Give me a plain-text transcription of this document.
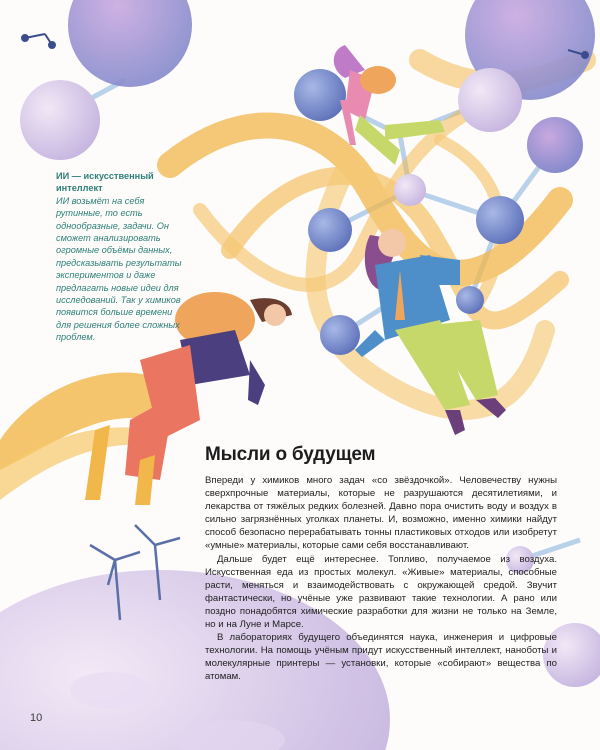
ИИ — искусственный интеллект

ИИ возьмёт на себя рутинные, то есть однообразные, задачи. Он сможет анализировать огромные объёмы данных, предсказывать результаты экспериментов и даже предлагать новые идеи для исследований. Так у химиков появится больше времени для решения более сложных проблем.

Мысли о будущем

Впереди у химиков много задач «со звёздочкой». Человечеству нужны сверхпрочные материалы, которые не разрушаются десятилетиями, и лекарства от тяжёлых редких болезней. Давно пора очистить воду и воздух в сильно загрязнённых уголках планеты. И, возможно, именно химики найдут способ безопасно перерабатывать тонны пластиковых отходов или изобретут «умные» материалы, которые сами себя восстанавливают.

Дальше будет ещё интереснее. Топливо, получаемое из воздуха. Искусственная еда из простых молекул. «Живые» материалы, способные расти, меняться и взаимодействовать с окружающей средой. Звучит фантастически, но учёные уже развивают такие технологии. А рано или поздно понадобятся химические разработки для жизни не только на Земле, но и на Луне и Марсе.

В лабораториях будущего объединятся наука, инженерия и цифровые технологии. На помощь учёным придут искусственный интеллект, наноботы и молекулярные принтеры — установки, которые «собирают» вещества по атомам.

10
